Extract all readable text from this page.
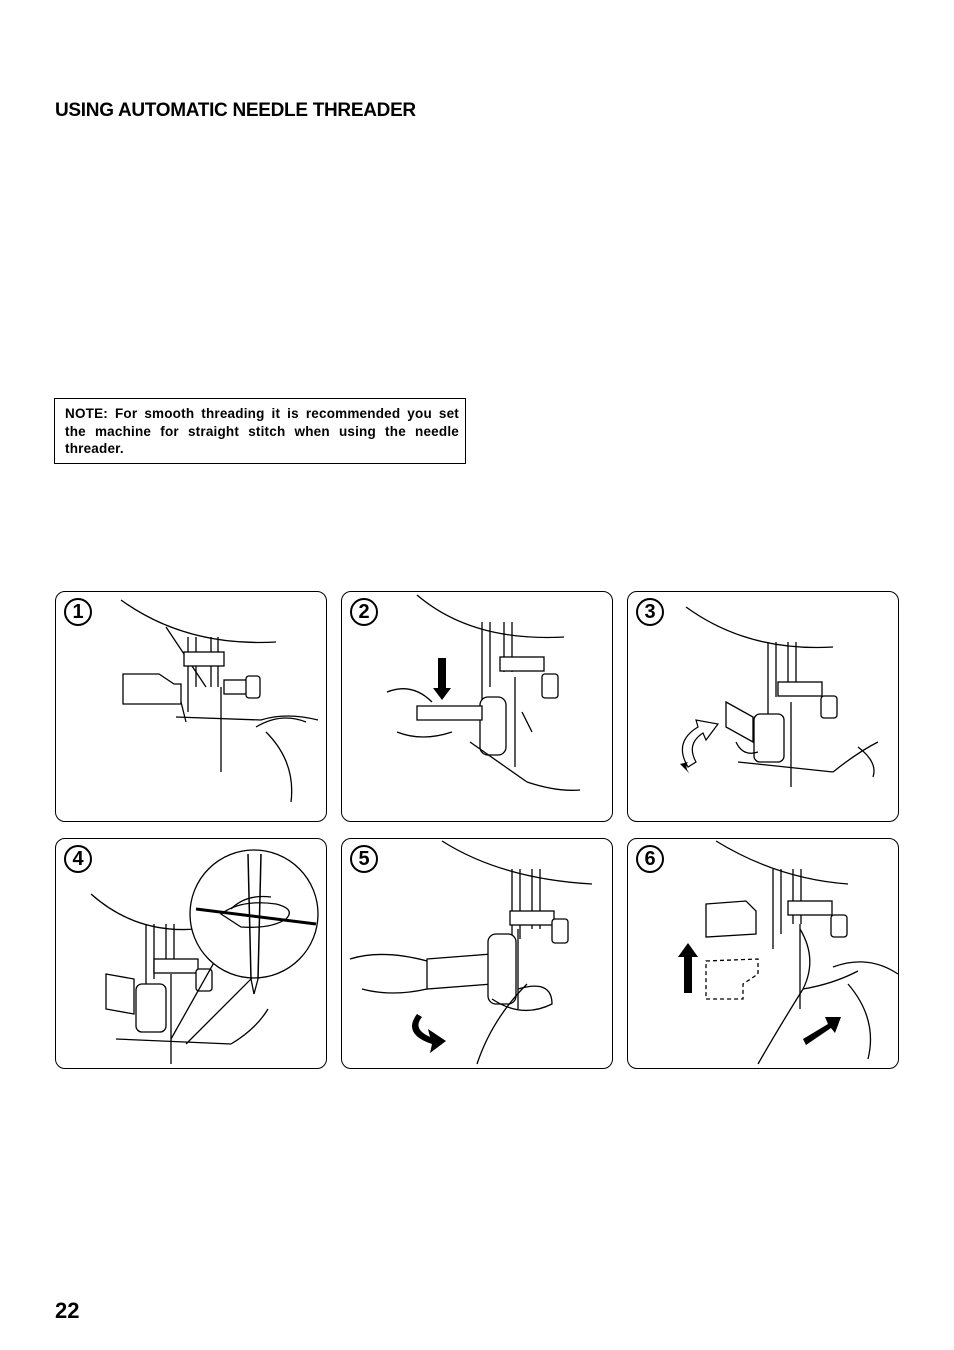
USING AUTOMATIC NEEDLE THREADER
NOTE: For smooth threading it is recommended you set the machine for straight stitch when using the needle threader.
1	2	3
4	5	6
22
